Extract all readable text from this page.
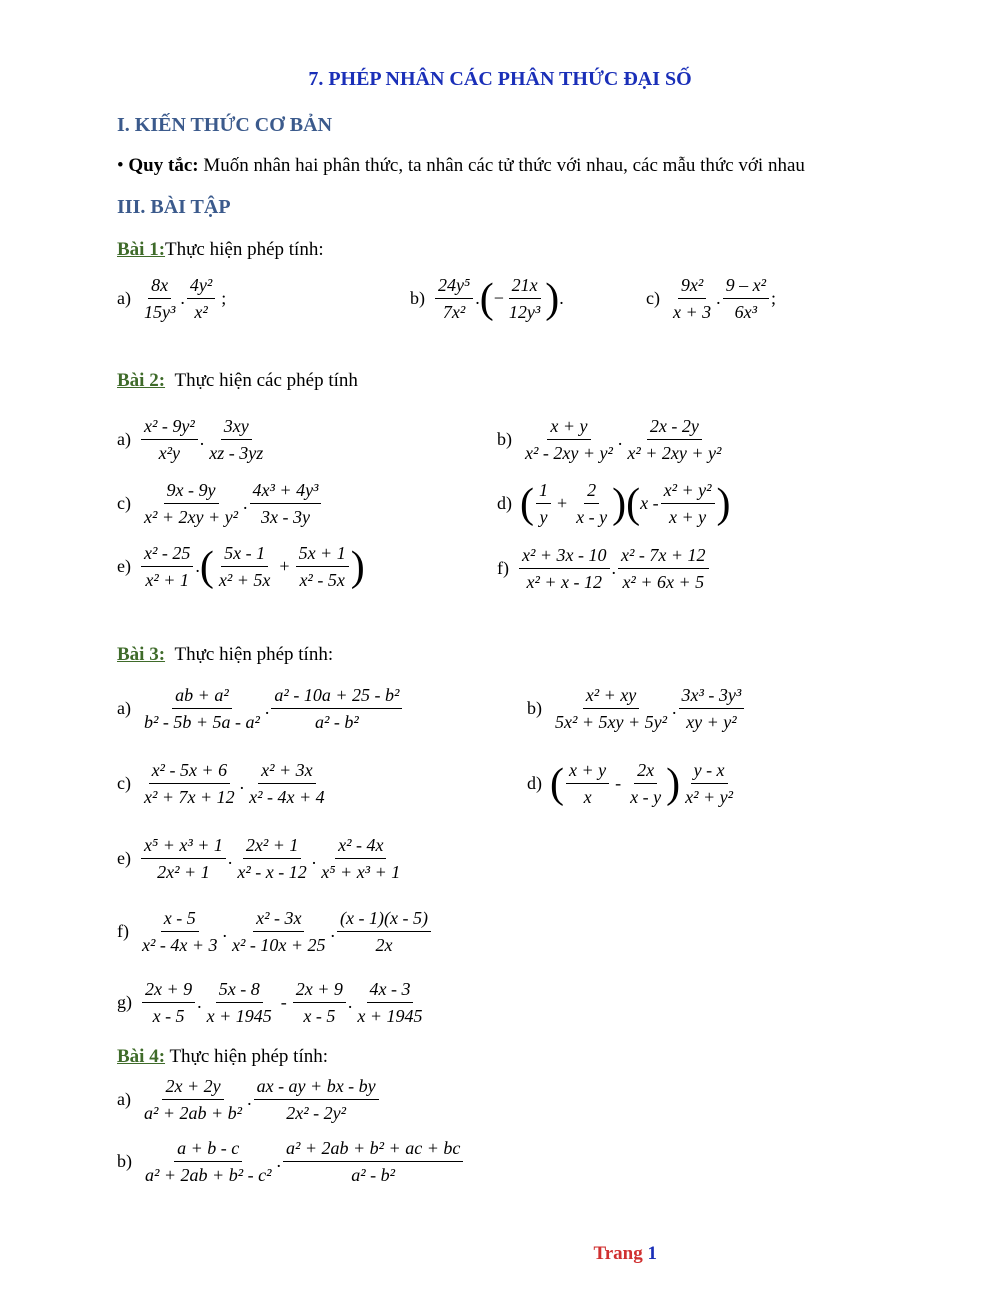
7. PHÉP NHÂN CÁC PHÂN THỨC ĐẠI SỐ
I. KIẾN THỨC CƠ BẢN
• Quy tắc: Muốn nhân hai phân thức, ta nhân các tử thức với nhau, các mẫu thức với nhau
III. BÀI TẬP
Bài 1:Thực hiện phép tính:
$a) \frac{8x}{\text{15y³}}$ . $\frac{\text{4y²}}{\text{x²}}$ ;	$b) \frac{\text{24y⁵}}{\text{7x²}}$ . ( − $\frac{21x}{\text{12y³}}$ ) .	$c) \frac{\text{9x²}}{x + 3}$ . $\frac{\text{9 – x²}}{\text{6x³}}$ ;
Bài 2: Thực hiện các phép tính
$a) \frac{\text{x² - 9y²}}{\text{x²y}}$ . $\frac{3xy}{xz - 3yz}$	$b) \frac{x + y}{\text{x² - 2xy + y²}}$ . $\frac{2x - 2y}{\text{x² + 2xy + y²}}$
$c) \frac{9x - 9y}{\text{x² + 2xy + y²}}$ . $\frac{\text{4x³ + 4y³}}{3x - 3y}$	d) ( $\frac{1}{y} + \frac{2}{x - y}$ ) ( x - $\frac{\text{x² + y²}}{x + y}$ )
$e) \frac{\text{x² - 25}}{\text{x² + 1}}$ . ( $\frac{5x - 1}{\text{x² + 5x}} + \frac{5x + 1}{\text{x² - 5x}}$ )	$f) \frac{\text{x² + 3x - 10}}{\text{x² + x - 12}}$ . $\frac{\text{x² - 7x + 12}}{\text{x² + 6x + 5}}$
Bài 3: Thực hiện phép tính:
$a) \frac{\text{ab + a²}}{\text{b² - 5b + 5a - a²}}$ . $\frac{\text{a² - 10a + 25 - b²}}{\text{a² - b²}}$	$b) \frac{\text{x² + xy}}{\text{5x² + 5xy + 5y²}}$ . $\frac{\text{3x³ - 3y³}}{\text{xy + y²}}$
$c) \frac{\text{x² - 5x + 6}}{\text{x² + 7x + 12}}$ . $\frac{\text{x² + 3x}}{\text{x² - 4x + 4}}$	d) ( $\frac{x + y}{x} - \frac{2x}{x - y}$ ) $\frac{y - x}{\text{x² + y²}}$
$e) \frac{\text{x⁵ + x³ + 1}}{\text{2x² + 1}}$ . $\frac{\text{2x² + 1}}{\text{x² - x - 12}}$ . $\frac{\text{x² - 4x}}{\text{x⁵ + x³ + 1}}$
$f) \frac{x - 5}{\text{x² - 4x + 3}}$ . $\frac{\text{x² - 3x}}{\text{x² - 10x + 25}}$ . $\frac{(x - 1)(x - 5)}{2x}$
$g) \frac{2x + 9}{x - 5}$ . $\frac{5x - 8}{x + 1945} - \frac{2x + 9}{x - 5}$ . $\frac{4x - 3}{x + 1945}$
Bài 4: Thực hiện phép tính:
$a) \frac{2x + 2y}{\text{a² + 2ab + b²}}$ . $\frac{ax - ay + bx - by}{\text{2x² - 2y²}}$
$b) \frac{a + b - c}{\text{a² + 2ab + b² - c²}}$ . $\frac{\text{a² + 2ab + b² + ac + bc}}{\text{a² - b²}}$
Trang 1
